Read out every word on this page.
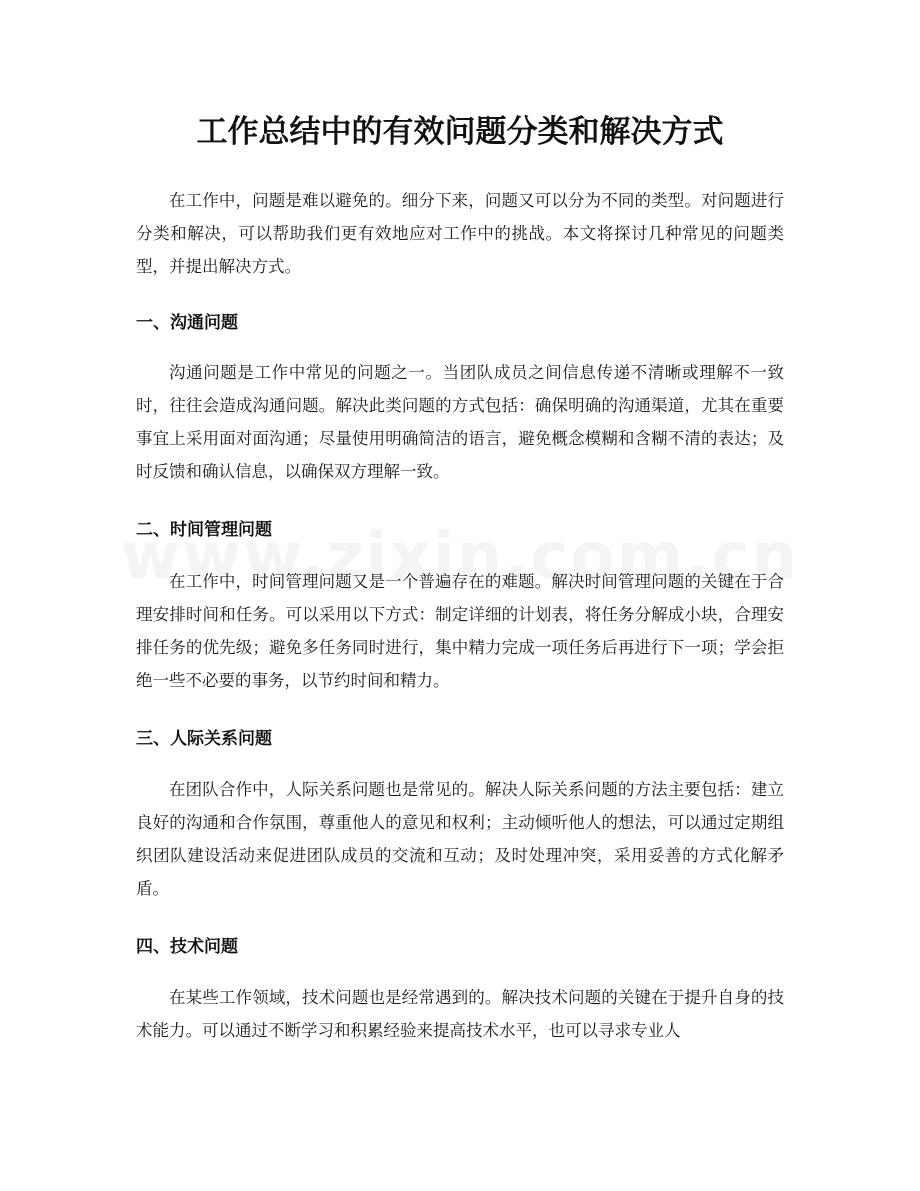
工作总结中的有效问题分类和解决方式

在工作中，问题是难以避免的。细分下来，问题又可以分为不同的类型。对问题进行分类和解决，可以帮助我们更有效地应对工作中的挑战。本文将探讨几种常见的问题类型，并提出解决方式。

一、沟通问题

沟通问题是工作中常见的问题之一。当团队成员之间信息传递不清晰或理解不一致时，往往会造成沟通问题。解决此类问题的方式包括：确保明确的沟通渠道，尤其在重要事宜上采用面对面沟通；尽量使用明确简洁的语言，避免概念模糊和含糊不清的表达；及时反馈和确认信息，以确保双方理解一致。

二、时间管理问题

在工作中，时间管理问题又是一个普遍存在的难题。解决时间管理问题的关键在于合理安排时间和任务。可以采用以下方式：制定详细的计划表，将任务分解成小块，合理安排任务的优先级；避免多任务同时进行，集中精力完成一项任务后再进行下一项；学会拒绝一些不必要的事务，以节约时间和精力。

三、人际关系问题

在团队合作中，人际关系问题也是常见的。解决人际关系问题的方法主要包括：建立良好的沟通和合作氛围，尊重他人的意见和权利；主动倾听他人的想法，可以通过定期组织团队建设活动来促进团队成员的交流和互动；及时处理冲突，采用妥善的方式化解矛盾。

四、技术问题

在某些工作领域，技术问题也是经常遇到的。解决技术问题的关键在于提升自身的技术能力。可以通过不断学习和积累经验来提高技术水平，也可以寻求专业人
